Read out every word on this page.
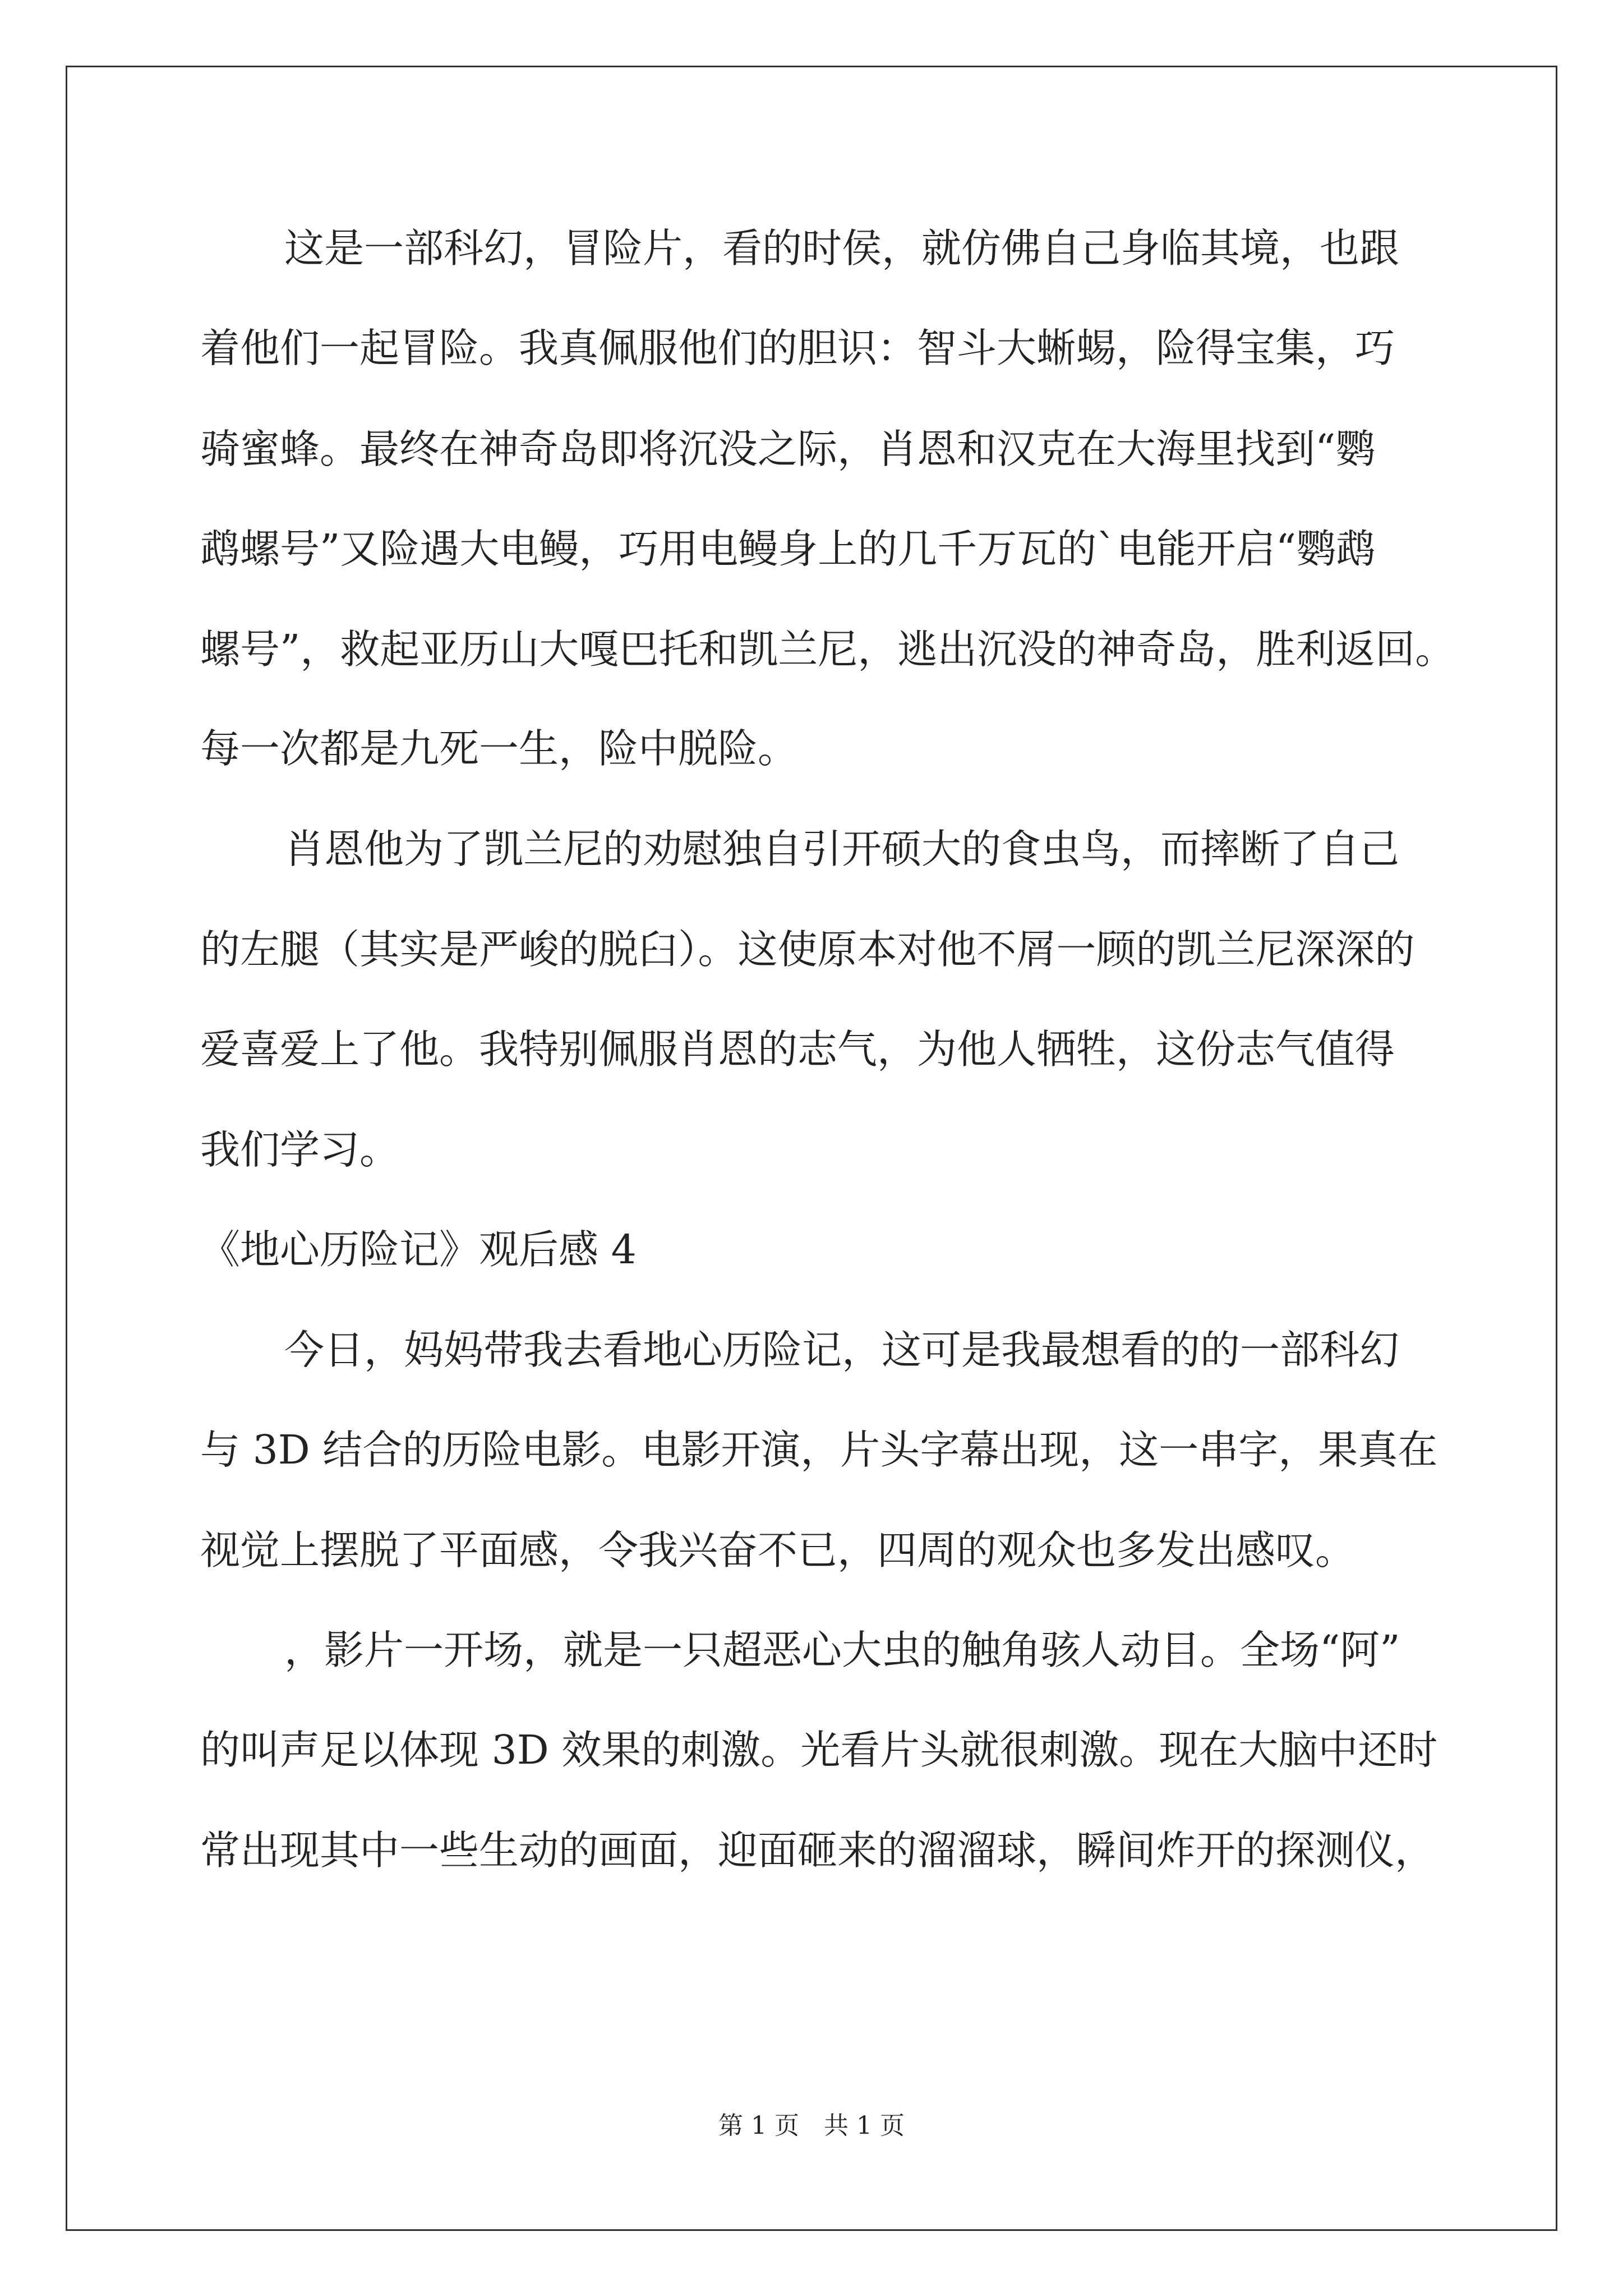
这是一部科幻，冒险片，看的时侯，就仿佛自己身临其境，也跟
着他们一起冒险。我真佩服他们的胆识：智斗大蜥蜴，险得宝集，巧
骑蜜蜂。最终在神奇岛即将沉没之际，肖恩和汉克在大海里找到“鹦
鹉螺号”又险遇大电鳗，巧用电鳗身上的几千万瓦的`电能开启“鹦鹉
螺号”，救起亚历山大嘎巴托和凯兰尼，逃出沉没的神奇岛，胜利返回。
每一次都是九死一生，险中脱险。
肖恩他为了凯兰尼的劝慰独自引开硕大的食虫鸟，而摔断了自己
的左腿（其实是严峻的脱臼）。这使原本对他不屑一顾的凯兰尼深深的
爱喜爱上了他。我特别佩服肖恩的志气，为他人牺牲，这份志气值得
我们学习。
《地心历险记》观后感 4
今日，妈妈带我去看地心历险记，这可是我最想看的的一部科幻
与 3D 结合的历险电影。电影开演，片头字幕出现，这一串字，果真在
视觉上摆脱了平面感，令我兴奋不已，四周的观众也多发出感叹。
，影片一开场，就是一只超恶心大虫的触角骇人动目。全场“阿”
的叫声足以体现 3D 效果的刺激。光看片头就很刺激。现在大脑中还时
常出现其中一些生动的画面，迎面砸来的溜溜球，瞬间炸开的探测仪，
第 1 页　共 1 页
